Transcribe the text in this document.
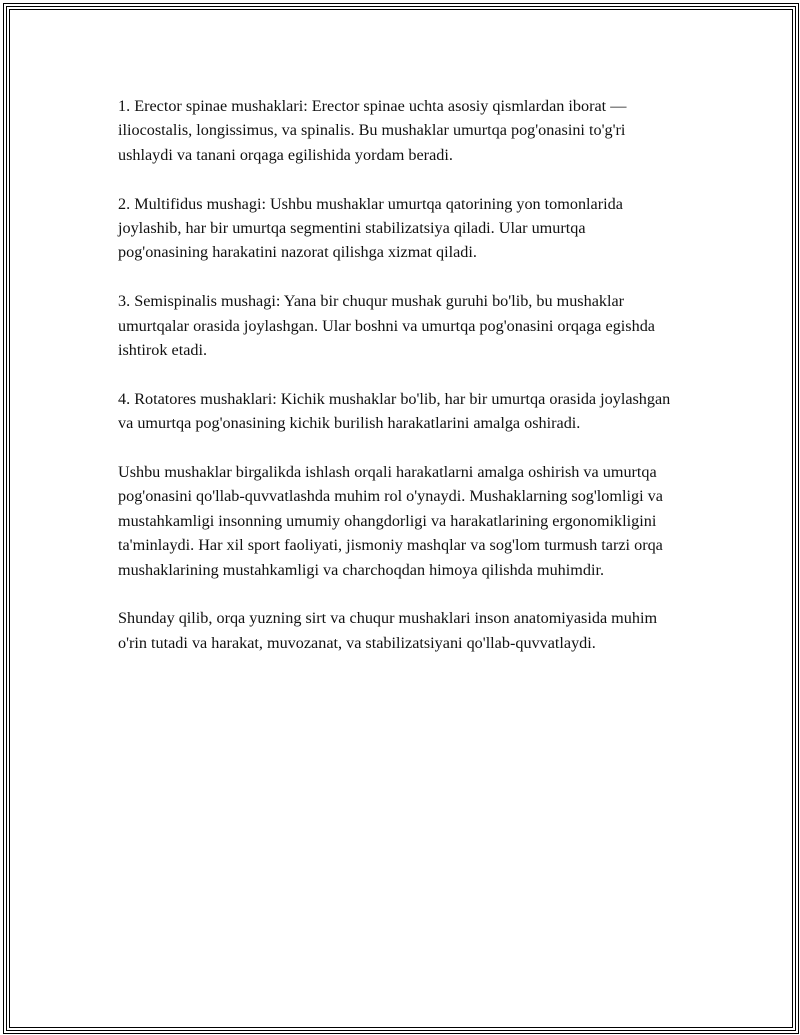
1. Erector spinae mushaklari: Erector spinae uchta asosiy qismlardan iborat — iliocostalis, longissimus, va spinalis. Bu mushaklar umurtqa pog'onasini to'g'ri ushlaydi va tanani orqaga egilishida yordam beradi.

2. Multifidus mushagi: Ushbu mushaklar umurtqa qatorining yon tomonlarida joylashib, har bir umurtqa segmentini stabilizatsiya qiladi. Ular umurtqa pog'onasining harakatini nazorat qilishga xizmat qiladi.

3. Semispinalis mushagi: Yana bir chuqur mushak guruhi bo'lib, bu mushaklar umurtqalar orasida joylashgan. Ular boshni va umurtqa pog'onasini orqaga egishda ishtirok etadi.

4. Rotatores mushaklari: Kichik mushaklar bo'lib, har bir umurtqa orasida joylashgan va umurtqa pog'onasining kichik burilish harakatlarini amalga oshiradi.

Ushbu mushaklar birgalikda ishlash orqali harakatlarni amalga oshirish va umurtqa pog'onasini qo'llab-quvvatlashda muhim rol o'ynaydi. Mushaklarning sog'lomligi va mustahkamligi insonning umumiy ohangdorligi va harakatlarining ergonomikligini ta'minlaydi. Har xil sport faoliyati, jismoniy mashqlar va sog'lom turmush tarzi orqa mushaklarining mustahkamligi va charchoqdan himoya qilishda muhimdir.

Shunday qilib, orqa yuzning sirt va chuqur mushaklari inson anatomiyasida muhim o'rin tutadi va harakat, muvozanat, va stabilizatsiyani qo'llab-quvvatlaydi.
